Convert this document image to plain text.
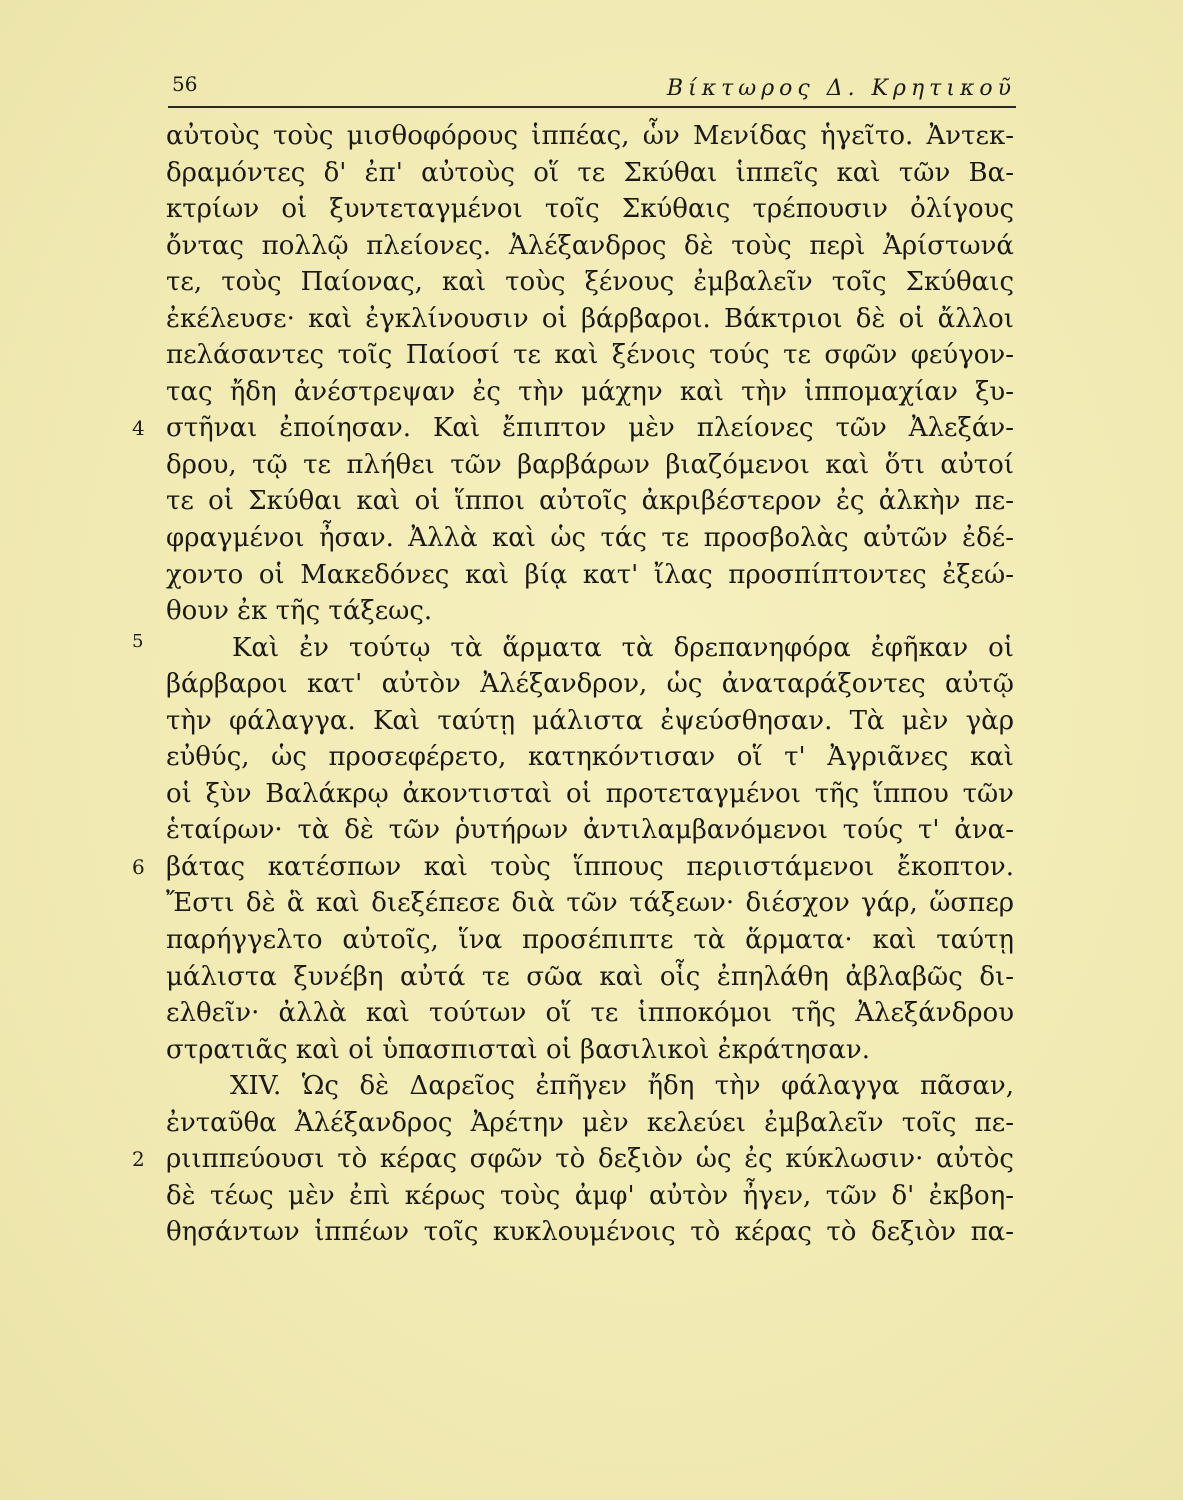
56	Βίκτωρος Δ. Κρητικοῦ
αὐτοὺς τοὺς μισθοφόρους ἱππέας, ὧν Μενίδας ἡγεῖτο. Ἀντεκ-
δραμόντες δ' ἐπ' αὐτοὺς οἵ τε Σκύθαι ἱππεῖς καὶ τῶν Βα-
κτρίων οἱ ξυντεταγμένοι τοῖς Σκύθαις τρέπουσιν ὀλίγους
ὄντας πολλῷ πλείονες. Ἀλέξανδρος δὲ τοὺς περὶ Ἀρίστωνά
τε, τοὺς Παίονας, καὶ τοὺς ξένους ἐμβαλεῖν τοῖς Σκύθαις
ἐκέλευσε· καὶ ἐγκλίνουσιν οἱ βάρβαροι. Βάκτριοι δὲ οἱ ἄλλοι
πελάσαντες τοῖς Παίοσί τε καὶ ξένοις τούς τε σφῶν φεύγον-
τας ἤδη ἀνέστρεψαν ἐς τὴν μάχην καὶ τὴν ἱππομαχίαν ξυ-
4 στῆναι ἐποίησαν. Καὶ ἔπιπτον μὲν πλείονες τῶν Ἀλεξάν-
δρου, τῷ τε πλήθει τῶν βαρβάρων βιαζόμενοι καὶ ὅτι αὐτοί
τε οἱ Σκύθαι καὶ οἱ ἵπποι αὐτοῖς ἀκριβέστερον ἐς ἀλκὴν πε-
φραγμένοι ἦσαν. Ἀλλὰ καὶ ὡς τάς τε προσβολὰς αὐτῶν ἐδέ-
χοντο οἱ Μακεδόνες καὶ βίᾳ κατ' ἴλας προσπίπτοντες ἐξεώ-
θουν ἐκ τῆς τάξεως.
5	Καὶ ἐν τούτῳ τὰ ἅρματα τὰ δρεπανηφόρα ἐφῆκαν οἱ
βάρβαροι κατ' αὐτὸν Ἀλέξανδρον, ὡς ἀναταράξοντες αὐτῷ
τὴν φάλαγγα. Καὶ ταύτῃ μάλιστα ἐψεύσθησαν. Τὰ μὲν γὰρ
εὐθύς, ὡς προσεφέρετο, κατηκόντισαν οἵ τ' Ἀγριᾶνες καὶ
οἱ ξὺν Βαλάκρῳ ἀκοντισταὶ οἱ προτεταγμένοι τῆς ἵππου τῶν
ἑταίρων· τὰ δὲ τῶν ῥυτήρων ἀντιλαμβανόμενοι τούς τ' ἀνα-
6 βάτας κατέσπων καὶ τοὺς ἵππους περιιστάμενοι ἔκοπτον.
Ἔστι δὲ ἃ καὶ διεξέπεσε διὰ τῶν τάξεων· διέσχον γάρ, ὥσπερ
παρήγγελτο αὐτοῖς, ἵνα προσέπιπτε τὰ ἅρματα· καὶ ταύτῃ
μάλιστα ξυνέβη αὐτά τε σῶα καὶ οἷς ἐπηλάθη ἀβλαβῶς δι-
ελθεῖν· ἀλλὰ καὶ τούτων οἵ τε ἱπποκόμοι τῆς Ἀλεξάνδρου
στρατιᾶς καὶ οἱ ὑπασπισταὶ οἱ βασιλικοὶ ἐκράτησαν.
XIV. Ὡς δὲ Δαρεῖος ἐπῆγεν ἤδη τὴν φάλαγγα πᾶσαν,
ἐνταῦθα Ἀλέξανδρος Ἀρέτην μὲν κελεύει ἐμβαλεῖν τοῖς πε-
2 ριιππεύουσι τὸ κέρας σφῶν τὸ δεξιὸν ὡς ἐς κύκλωσιν· αὐτὸς
δὲ τέως μὲν ἐπὶ κέρως τοὺς ἀμφ' αὐτὸν ἦγεν, τῶν δ' ἐκβοη-
θησάντων ἱππέων τοῖς κυκλουμένοις τὸ κέρας τὸ δεξιὸν πα-
